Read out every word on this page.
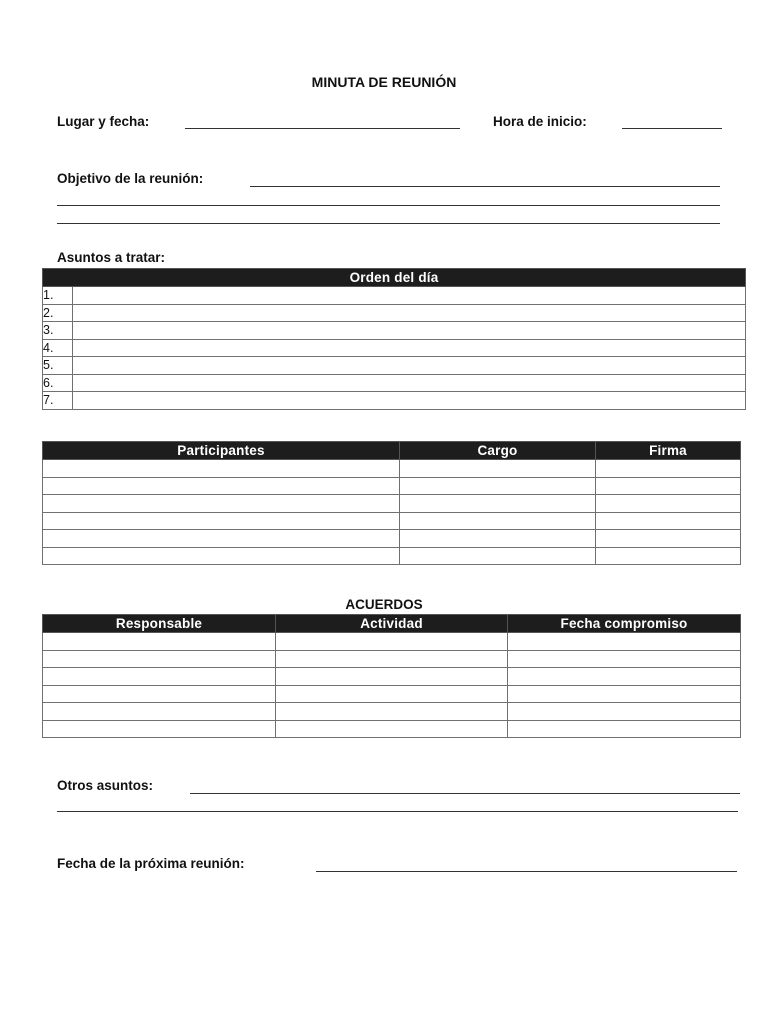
MINUTA DE REUNIÓN
Lugar y fecha:	Hora de inicio:
Objetivo de la reunión:
Asuntos a tratar:
Orden del día	
1.	
2.	
3.	
4.	
5.	
6.	
7.	
Participantes	Cargo	Firma

ACUERDOS
Responsable	Actividad	Fecha compromiso

Otros asuntos:
Fecha de la próxima reunión:
